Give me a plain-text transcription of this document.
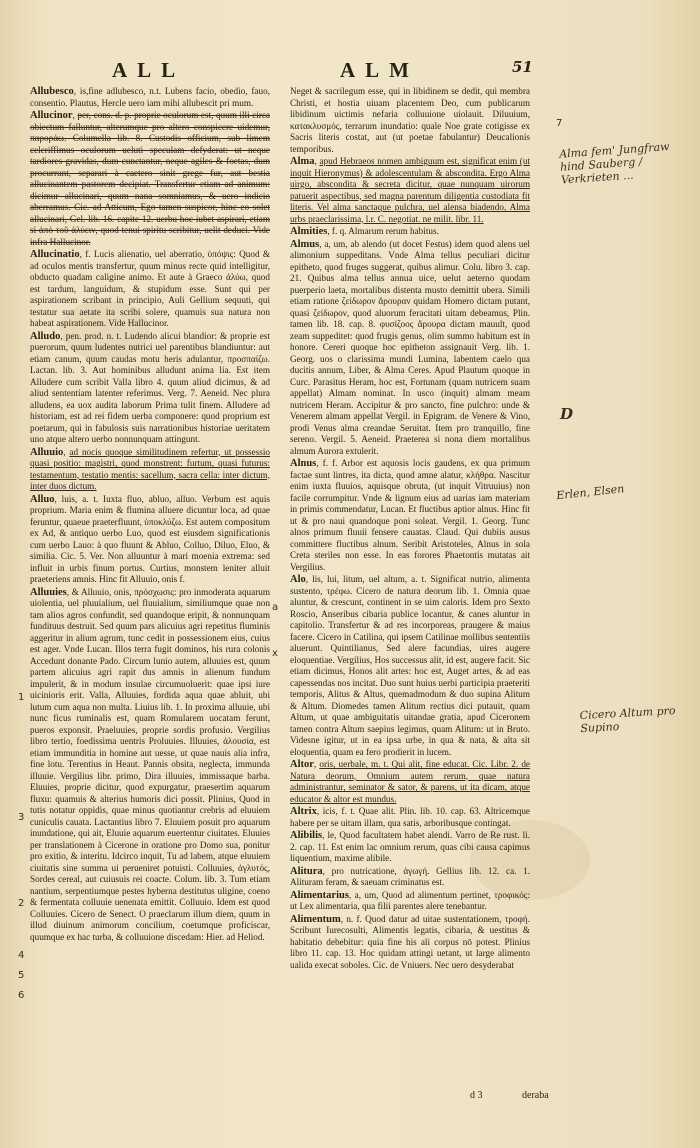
ALL	ALM	51

Allubesco, is,fine adlubesco, n.t. Lubens facio, obedio, fauo, consentio. Plautus, Hercle uero iam mihi allubescit pri mum.

Allucinor, per, cons. d. p. proprie oculorum est, quum illi circa obiectum falluntur, alterumque pro altero conspicere uidemur, παροράω. Columella lib. 8. Custodis officium, sub limem celeriffimus oculorum ueluti speculam defyderat: ut neque tardiores gravidas, dum cunctantur, neque agiles & foetas, dum procurrunt, separari à caetero sinit grege fur, aut bestia allucinantem pastorem decipiat. Transfertur etiam ad animum: dicimur allucinari, quum nana somniamus, & uero indicio aberramus. Cic. ad Atticum, Ego tamen suspicor, hinc eo solet allucinari, Gel. lib. 16. capite 12. uerbu hoc iubet aspirari, etiam si ἀπὸ τοῦ ἀλύειν, quod tenui spiritu scribitur, uelit deduci. Vide infra Hallucinor.

Allucinatio, f. Lucis alienatio, uel aberratio, ὑπόψις: Quod & ad oculos mentis transfertur, quum minus recte quid intelligitur, obducto quadam caligine animo. Et aute à Graeco ἀλύω, quod est tardum, languidum, & stupidum esse. Sunt qui per aspirationem scribant in principio, Auli Gellium sequuti, qui testatur sua aetate ita scribi solere, quamuis sua natura non habeat aspirationem. Vide Hallucinor.

Alludo, pen. prod. n. t. Ludendo alicui blandior: & proprie est puerorum, quum ludentes nutrici uel parentibus blandiuntur: aut etiam canum, quum caudas motu heris adulantur, προσπαίζω. Lactan. lib. 3. Aut hominibus alludunt anima lia. Est item Alludere cum scribit Valla libro 4. quum aliud dicimus, & ad aliud sententiam latenter referimus. Verg. 7. Aeneid. Nec plura alludens, ea uox audita laborum Prima tulit finem. Alludere ad historiam, est ad rei fidem uerba componere: quod proprium est poetarum, qui in fabulosis suis narrationibus historiae ueritatem uno atque altero uerbo nonnunquam attingunt.

Alluuio, ad nocis quoque similitudinem refertur, ut possessio quasi positio: magistri, quod monstrent: furtum, quasi futurus: testamentum, testatio mentis: sacellum, sacra cella: inter dictum, inter duos dictum.

Alluo, luis, a. t. Iuxta fluo, abluo, alluo. Verbum est aquis proprium. Maria enim & flumina alluere dicuntur loca, ad quae feruntur, quaeue praeterfluunt, ὑποκλύζω. Est autem compositum ex Ad, & antiquo uerbo Luo, quod est eiusdem significationis cum uerbo Lauo: à quo fluunt & Abluo, Colluo, Diluo, Eluo, & similia. Cic. 5. Ver. Non alluuntur à mari moenia extrema: sed influit in urbis finum portus. Curtius, monstem leniter alluit praeteriens amnis. Hinc fit Alluuio, onis f.

Alluuies, & Alluuio, onis, πρόσχωσις: pro inmoderata aquarum uiolentia, uel pluuialium, uel fluuialium, similiumque quae non tam alios agros confundit, sed quandoque eripit, & nonnunquam fundituus destruit. Sed quum pars alicuius agri repetitus fluminis aggeritur in alium agrum, tunc cedit in possessionem eius, cuius est ager. Vnde Lucan. Illos terra fugit dominos, his rura colonis Accedunt donante Pado. Circum lunio autem, alluuies est, quum partem alicuius agri rapit dus amnis in alienum fundum impulerit, & in modum insulae circumuoluerit: quae ipsi iure uicinioris erit. Valla, Alluuies, fordida aqua quae abluit, ubi lutum cum aqua non multa. Liuius lib. 1. In proxima alluuie, ubi nunc ficus ruminalis est, quam Romularem uocatam ferunt, pueros exponsit. Praeluuies, proprie sordis profusio. Vergilius libro tertio, foedissima uentris Proluuies. Illuuies, ἀλουσία, est etiam immunditia in homine aut uesse, ut quae nauis alia infra, fine lotu. Terentius in Heaut. Pannis obsita, neglecta, immunda illuuie. Vergilius libr. primo, Dira illuuies, immissaque barba. Eluuies, proprie dicitur, quod expurgatur, praesertim aquarum fluxu: quamuis & alterius humoris dici possit. Plinius, Quod in tutis notatur oppidis, quae minus quotiantur crebris ad eluuiem cuniculis cauata. Lactantius libro 7. Eluuiem posuit pro aquarum inundatione, qui ait, Eluuie aquarum euertentur ciuitates. Eluuies per translationem à Cicerone in oratione pro Domo sua, ponitur pro exitio, & interitu. Idcirco inquit, Tu ad labem, atque eluuiem ciuitatis sine summa ui perueniret potuisti. Colluuies, ἀγλυτός, Sordes cereal, aut cuiusuis rei coacte. Colum. lib. 3. Tum etiam nantium, serpentiumque pestes hyberna destitutus uligine, coeno & fermentata colluuie uenenata emittit. Colluuio. Idem est quod Colluuies. Cicero de Senect. O praeclarum illum diem, quum in illud diuinum animorum concilium, coetumque proficiscar, quumque ex hac turba, & colluuione discedam: Hier. ad Heliod.

Neget & sacrilegum esse, qui in libidinem se dedit, qui membra Christi, et hostia uiuam placentem Deo, cum publicarum libidinum uictimis nefaria colluuione uiolauit. Diluuium, κατακλυσμός, terrarum inundatio: quale Noe grate cotigisse ex Sacris literis costat, aut (ut poetae fabulantur) Deucalionis temporibus.

Alma, apud Hebraeos nomen ambiguum est, significat enim (ut inquit Hieronymus) & adolescentulam & abscondita. Ergo Alma uirgo, abscondita & secreta dicitur, quae nunquam uirorum patuerit aspectibus, sed magna parentum diligentia custodiata fit literis. Vel alma sanctaque pulchra, uel alensa biadendo, Alma urbs praeclarissima, l.r. C. negotiat. ne milit. libr. 11.

Almities, f. q. Almarum rerum habitus.

Almus, a, um, ab alendo (ut docet Festus) idem quod alens uel alimonium suppeditans. Vnde Alma tellus peculiari dicitur epitheto, quod fruges suggerat, quibus alimur. Colu. libro 3. cap. 21. Quibus alma tellus annua uice, uelut aeterno quodam puerperio laeta, mortalibus distenta musto demittit ubera. Simili etiam ratione ζείδωρον ἄρουραν quidam Homero dictam putant, quasi ζείδωρον, quod aluorum feracitati uitam debeamus, Plin. tamen lib. 18. cap. 8. φυσίζοος ἄρουρα dictam mauult, quod zeam suppeditet: quod frugis genus, olim summo habitum est in honore. Cereri quoque hoc epitheton assignauit Verg. lib. 1. Georg. uos o clarissima mundi Lumina, labentem caelo qua ducitis annum, Liber, & Alma Ceres. Apud Plautum quoque in Curc. Parasitus Heram, hoc est, Fortunam (quam nutricem suam appellat) Almam nominat. In usco (inquit) almam meam nutricem Heram. Accipitur & pro sancto, fine pulchro: unde & Venerem almam appellat Vergil. in Epigram. de Venere & Vino, prodi Venus alma creandae Seruitat. Item pro tranquillo, fine sereno. Vergil. 5. Aeneid. Praeterea si nona diem mortalibus almum Aurora extulerit.

Alnus, f. f. Arbor est aquosis locis gaudens, ex qua primum factae sunt lintres, ita dicta, quod amne alatur, κλήθρα. Nascitur enim iuxta fluuios, aquisque obruta, (ut inquit Vitruuius) non facile corrumpitur. Vnde & lignum eius ad uarias iam materiam in primis commendatur, Lucan. Et fluctibus aptior alnus. Hinc fit ut & pro naui quandoque poni soleat. Vergil. 1. Georg. Tunc alnos primum fluuii fensere cauatas. Claud. Qui dubiis ausus committere fluctibus alnum. Seribit Aristoteles, Alnus in sola Creta steriles non esse. In eas forores Phaetontis mutatas ait Vergilius.

Alo, lis, lui, litum, uel altum, a. t. Significat nutrio, alimenta sustento, τρέφω. Cicero de natura deorum lib. 1. Omnia quae aluntur, & crescunt, continent in se uim caloris. Idem pro Sexto Roscio, Anseribus cibaria publice locantur, & canes aluntur in capitolio. Transfertur & ad res incorporeas, praugere & maius facere. Cicero in Catilina, qui ipsem Catilinae mollibus sententiis aluerunt. Quintilianus, Sed alere facundias, uires augere eloquentiae. Vergilius, Hos successus alit, id est, augere facit. Sic etiam dicimus, Honos alit artes: hoc est, Auget artes, & ad eas capessendas nos incitat. Duo sunt huius uerbi participia praeteriti temporis, Alitus & Altus, quemadmodum & duo supina Alitum & Altum. Diomedes tamen Alitum rectius dici putauit, quam Altum, ut quae ambiguitatis uitandae gratia, apud Ciceronem tamen contra Altum saepius legimus, quam Alitum: ut in Bruto. Videsne igitur, ut in ea ipsa urbe, in qua & nata, & alta sit eloquentia, quam ea fero prodierit in lucem.

Altor, oris, uerbale, m. t. Qui alit, fine educat. Cic. Libr. 2. de Natura deorum, Omnium autem rerum, quae natura administrantur, seminator & sator, & parens, ut ita dicam, atque educator & altor est mundus.

Altrix, icis, f. t. Quae alit. Plin. lib. 10. cap. 63. Altricemque habere per se uitam illam, qua satis, arboribusque contingat.

Alibilis, le, Quod facultatem habet alendi. Varro de Re rust. li. 2. cap. 11. Est enim lac omnium rerum, quas cibi causa capimus liquentium, maxime alibile.

Alitura, pro nutricatione, ἀγωγή. Gellius lib. 12. ca. 1. Alituram feram, & saeuam criminatus est.

Alimentarius, a, um, Quod ad alimentum pertinet, τροφικός: ut Lex alimentaria, qua filii parentes alere tenebantur.

Alimentum, n. f. Quod datur ad uitae sustentationem, τροφή. Scribunt Iurecosulti, Alimentis legatis, cibaria, & uestitus & habitatio debebitur: quia fine his ali corpus nō potest. Plinius libro 11. cap. 13. Hoc quidam attingi uetant, ut large alimento ualida execat soboles. Cic. de Vniuers. Nec uero desyderabat

Alma fem' Jungfraw hind Sauberg / Verkrieten ...
Erlen, Elsen
Cicero Altum pro Supino
D
7
a
x
1
3
2
4
5
6
d 3	deraba
